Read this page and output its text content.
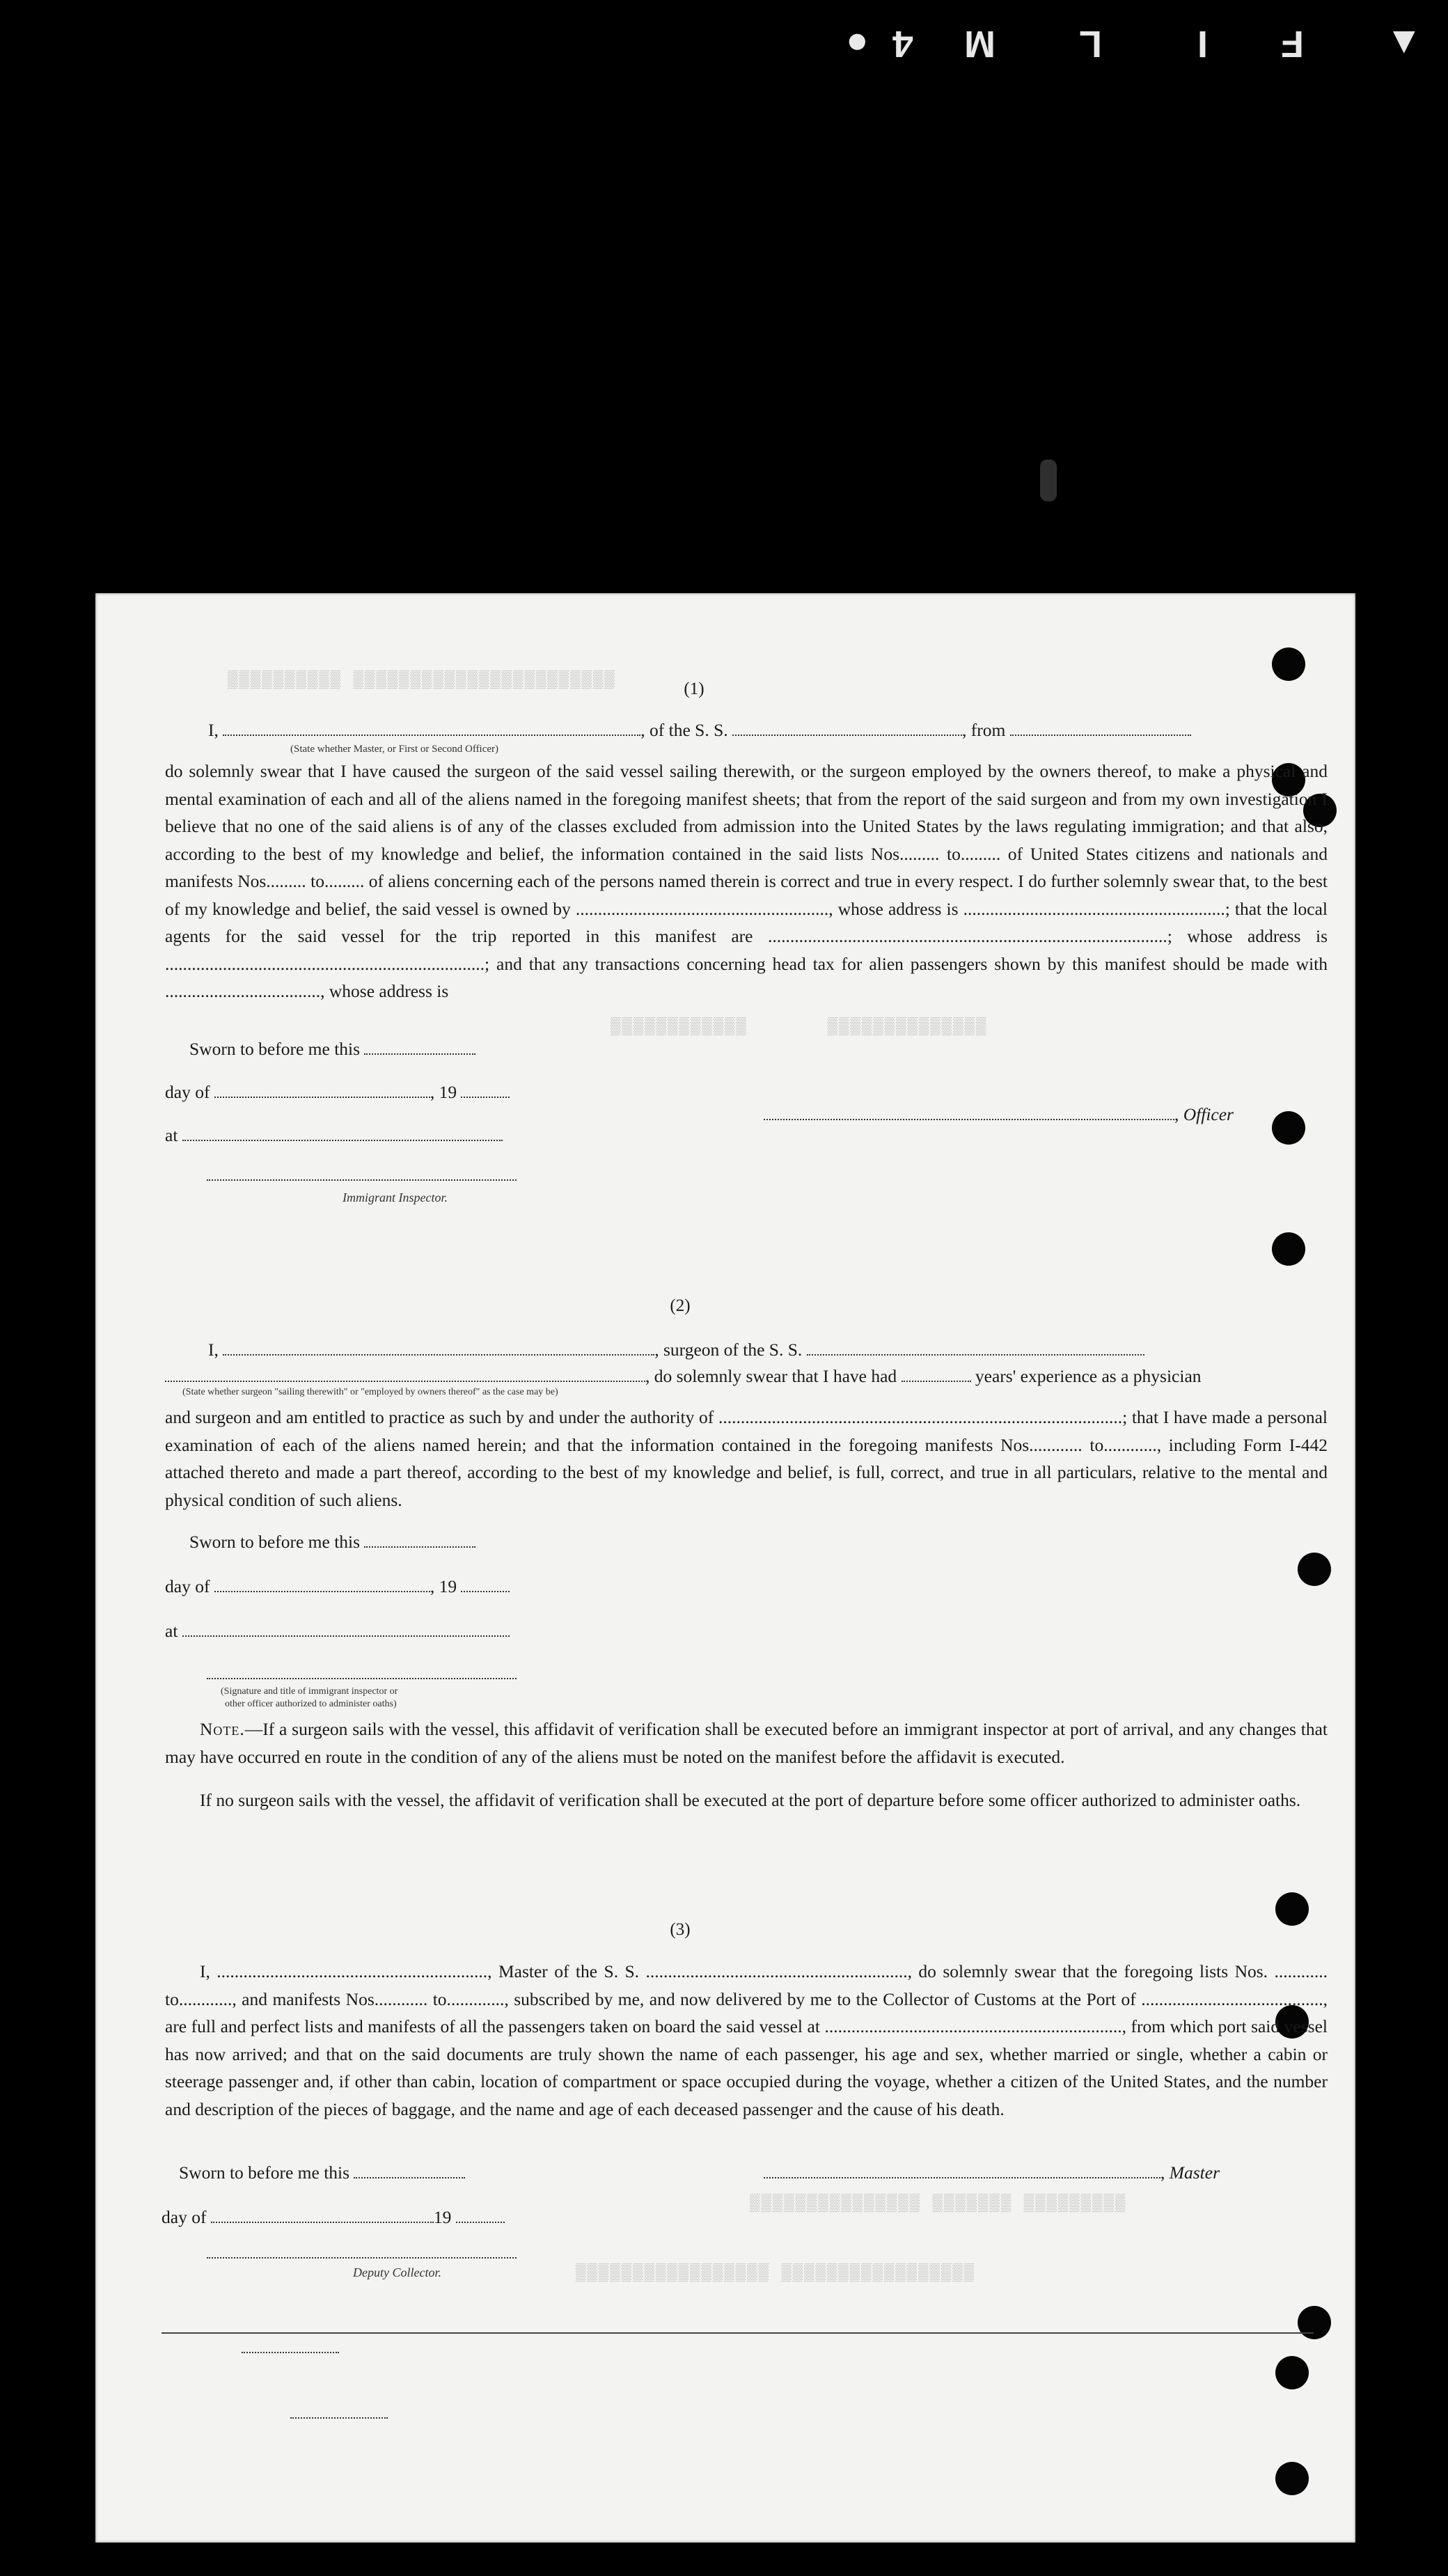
▲
F
I
L
M
4
●
▒▒▒▒▒▒▒▒▒▒ ▒▒▒▒▒▒▒▒▒▒▒▒▒▒▒▒▒▒▒▒▒▒▒
▒▒▒▒▒▒▒▒▒▒▒▒       ▒▒▒▒▒▒▒▒▒▒▒▒▒▒
▒▒▒▒▒▒▒▒▒▒▒▒▒▒▒ ▒▒▒▒▒▒▒ ▒▒▒▒▒▒▒▒▒
▒▒▒▒▒▒▒▒▒▒▒▒▒▒▒▒▒ ▒▒▒▒▒▒▒▒▒▒▒▒▒▒▒▒▒
(1)
I,	, of the S. S.	, from
(State whether Master, or First or Second Officer)

do solemnly swear that I have caused the surgeon of the said vessel sailing therewith, or the surgeon employed by the owners thereof, to make a physical and mental examination of each and all of the aliens named in the foregoing manifest sheets; that from the report of the said surgeon and from my own investigation I believe that no one of the said aliens is of any of the classes excluded from admission into the United States by the laws regulating immigration; and that also, according to the best of my knowledge and belief, the information contained in the said lists Nos......... to......... of United States citizens and nationals and manifests Nos......... to......... of aliens concerning each of the persons named therein is correct and true in every respect. I do further solemnly swear that, to the best of my knowledge and belief, the said vessel is owned by ........................................................., whose address is ...........................................................; that the local agents for the said vessel for the trip reported in this manifest are ..........................................................................................; whose address is ........................................................................; and that any transactions concerning head tax for alien passengers shown by this manifest should be made with ..................................., whose address is

Sworn to before me this
day of	, 19
, Officer
at
Immigrant Inspector.
(2)
I,	, surgeon of the S. S.
, do solemnly swear that I have had	years' experience as a physician
(State whether surgeon "sailing therewith" or "employed by owners thereof" as the case may be)

and surgeon and am entitled to practice as such by and under the authority of ...........................................................................................; that I have made a personal examination of each of the aliens named herein; and that the information contained in the foregoing manifests Nos............ to............, including Form I-442 attached thereto and made a part thereof, according to the best of my knowledge and belief, is full, correct, and true in all particulars, relative to the mental and physical condition of such aliens.

Sworn to before me this
day of	, 19
at
(Signature and title of immigrant inspector or
other officer authorized to administer oaths)

Note.—If a surgeon sails with the vessel, this affidavit of verification shall be executed before an immigrant inspector at port of arrival, and any changes that may have occurred en route in the condition of any of the aliens must be noted on the manifest before the affidavit is executed.

If no surgeon sails with the vessel, the affidavit of verification shall be executed at the port of departure before some officer authorized to administer oaths.

(3)

I, ............................................................., Master of the S. S. ..........................................................., do solemnly swear that the foregoing lists Nos. ............ to............, and manifests Nos............ to............., subscribed by me, and now delivered by me to the Collector of Customs at the Port of ........................................., are full and perfect lists and manifests of all the passengers taken on board the said vessel at ..................................................................., from which port said vessel has now arrived; and that on the said documents are truly shown the name of each passenger, his age and sex, whether married or single, whether a cabin or steerage passenger and, if other than cabin, location of compartment or space occupied during the voyage, whether a citizen of the United States, and the number and description of the pieces of baggage, and the name and age of each deceased passenger and the cause of his death.

Sworn to before me this	, Master
day of	19
Deputy Collector.
